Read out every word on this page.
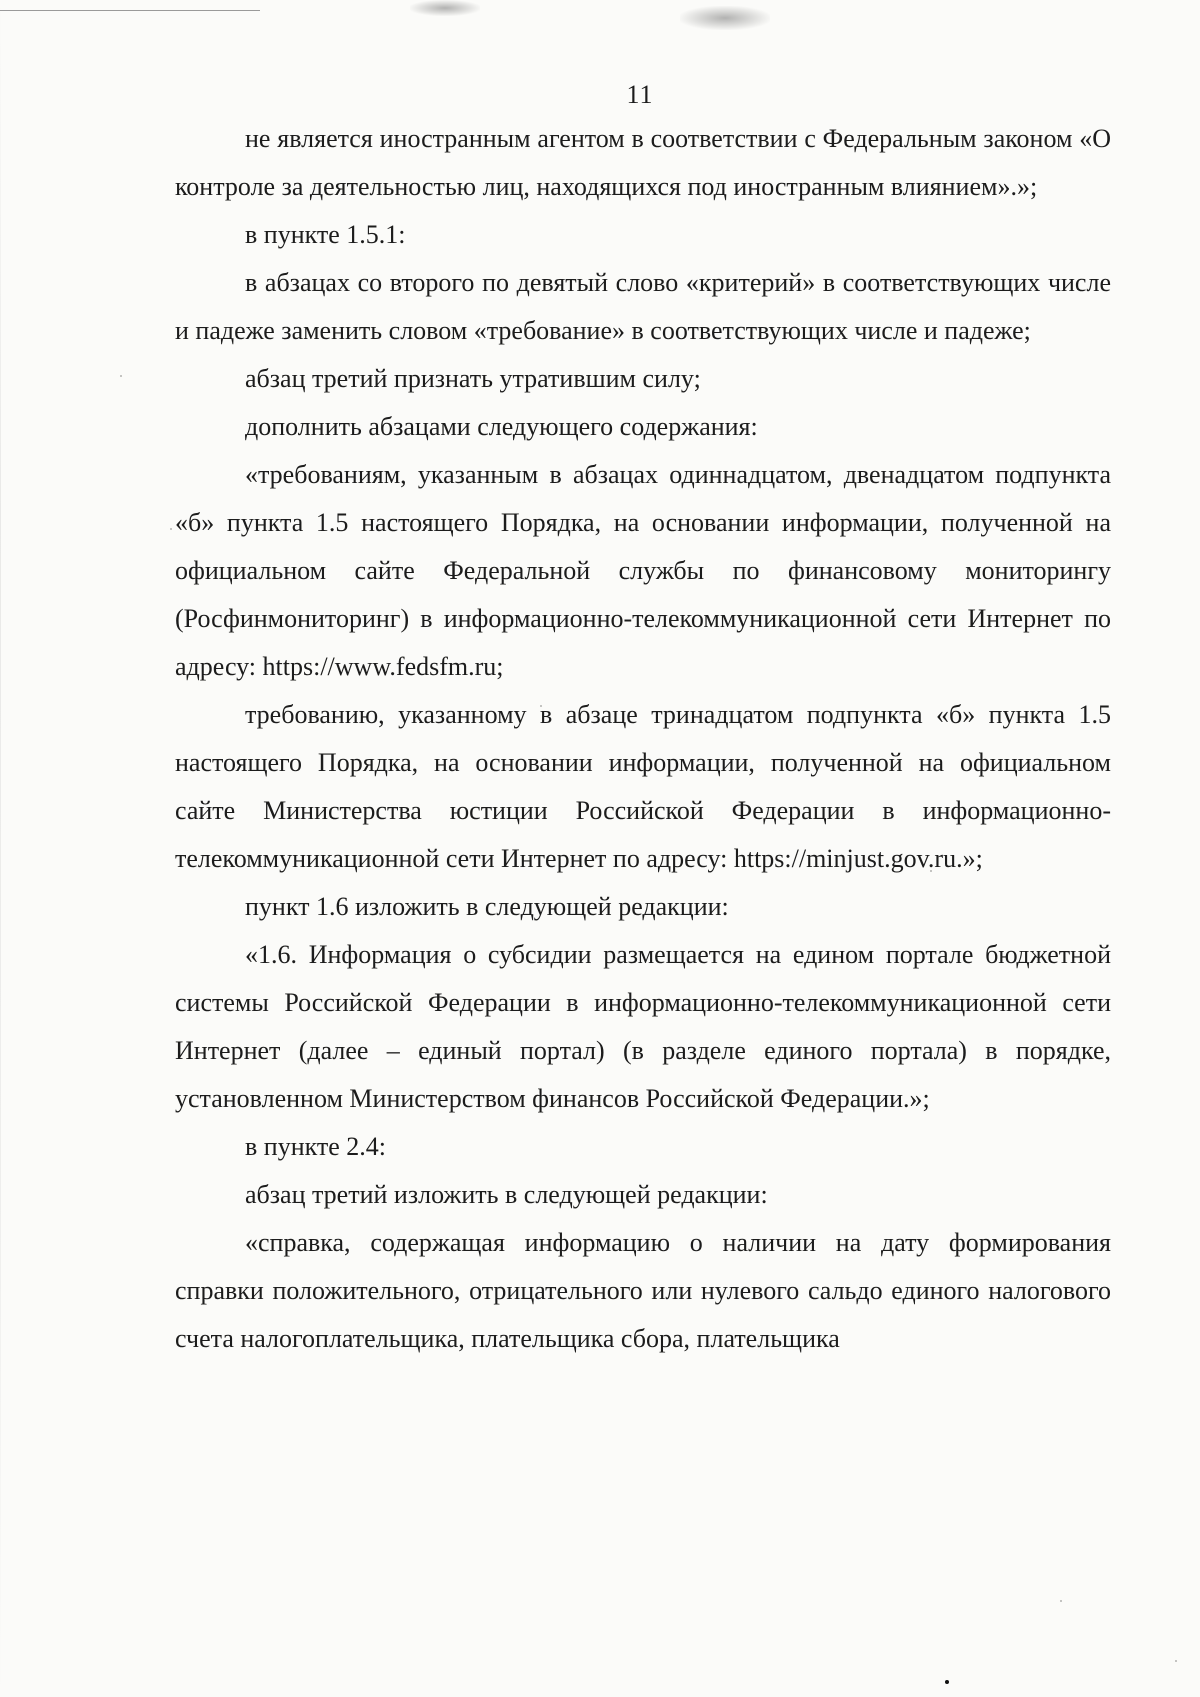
11

не является иностранным агентом в соответствии с Федеральным законом «О контроле за деятельностью лиц, находящихся под иностранным влиянием».»;

в пункте 1.5.1:

в абзацах со второго по девятый слово «критерий» в соответствующих числе и падеже заменить словом «требование» в соответствующих числе и падеже;

абзац третий признать утратившим силу;

дополнить абзацами следующего содержания:

«требованиям, указанным в абзацах одиннадцатом, двенадцатом подпункта «б» пункта 1.5 настоящего Порядка, на основании информации, полученной на официальном сайте Федеральной службы по финансовому мониторингу (Росфинмониторинг) в информационно-телекоммуникационной сети Интернет по адресу: https://www.fedsfm.ru;

требованию, указанному в абзаце тринадцатом подпункта «б» пункта 1.5 настоящего Порядка, на основании информации, полученной на официальном сайте Министерства юстиции Российской Федерации в информационно-телекоммуникационной сети Интернет по адресу: https://minjust.gov.ru.»;

пункт 1.6 изложить в следующей редакции:

«1.6. Информация о субсидии размещается на едином портале бюджетной системы Российской Федерации в информационно-телекоммуникационной сети Интернет (далее – единый портал) (в разделе единого портала) в порядке, установленном Министерством финансов Российской Федерации.»;

в пункте 2.4:

абзац третий изложить в следующей редакции:

«справка, содержащая информацию о наличии на дату формирования справки положительного, отрицательного или нулевого сальдо единого налогового счета налогоплательщика, плательщика сбора, плательщика
